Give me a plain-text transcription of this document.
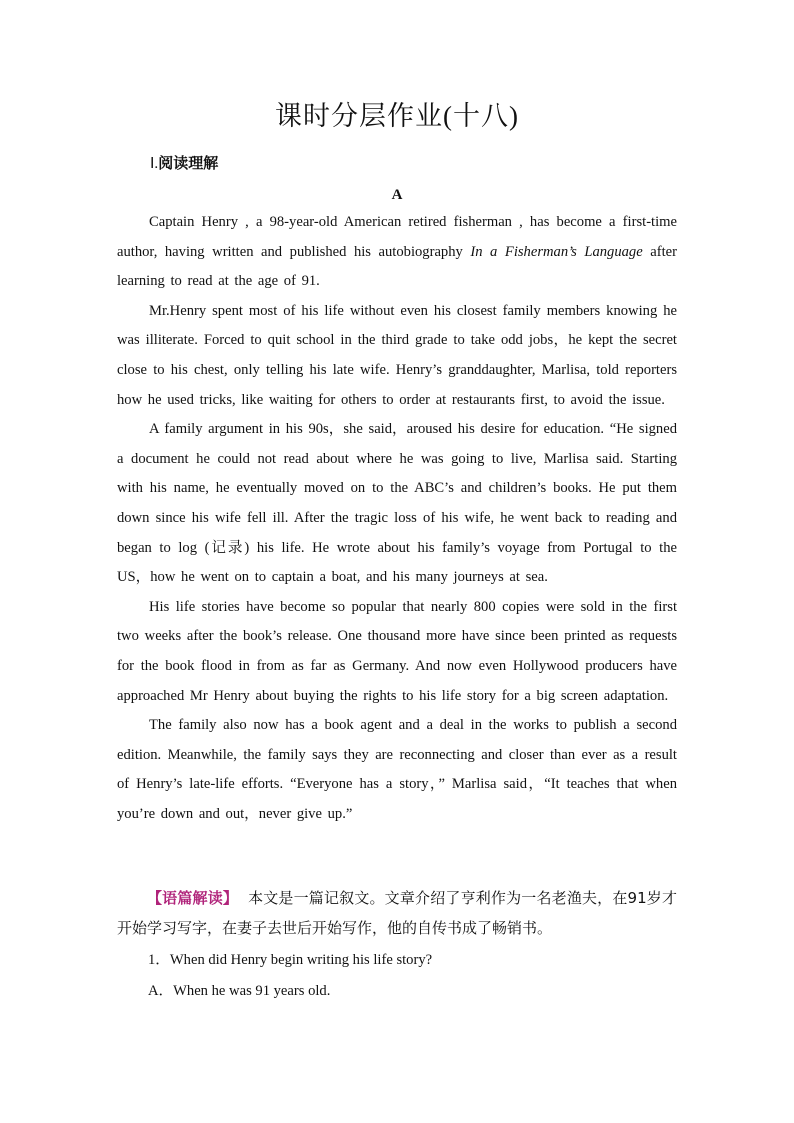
课时分层作业(十八)
Ⅰ.阅读理解
A

Captain Henry , a 98-year-old American retired fisherman , has become a first-time author, having written and published his autobiography In a Fisherman’s Language after learning to read at the age of 91.

Mr.Henry spent most of his life without even his closest family members knowing he was illiterate. Forced to quit school in the third grade to take odd jobs，he kept the secret close to his chest, only telling his late wife. Henry’s granddaughter, Marlisa, told reporters how he used tricks, like waiting for others to order at restaurants first, to avoid the issue.

A family argument in his 90s，she said，aroused his desire for education. “He signed a document he could not read about where he was going to live, Marlisa said. Starting with his name, he eventually moved on to the ABC’s and children’s books. He put them down since his wife fell ill. After the tragic loss of his wife, he went back to reading and began to log (记录) his life. He wrote about his family’s voyage from Portugal to the US，how he went on to captain a boat, and his many journeys at sea.

His life stories have become so popular that nearly 800 copies were sold in the first two weeks after the book’s release. One thousand more have since been printed as requests for the book flood in from as far as Germany. And now even Hollywood producers have approached Mr Henry about buying the rights to his life story for a big screen adaptation.

The family also now has a book agent and a deal in the works to publish a second edition. Meanwhile, the family says they are reconnecting and closer than ever as a result of Henry’s late-life efforts. “Everyone has a story，” Marlisa said，“It teaches that when you’re down and out，never give up.”

【语篇解读】 本文是一篇记叙文。文章介绍了亨利作为一名老渔夫，在91岁才开始学习写字，在妻子去世后开始写作，他的自传书成了畅销书。
1．When did Henry begin writing his life story?
A．When he was 91 years old.
